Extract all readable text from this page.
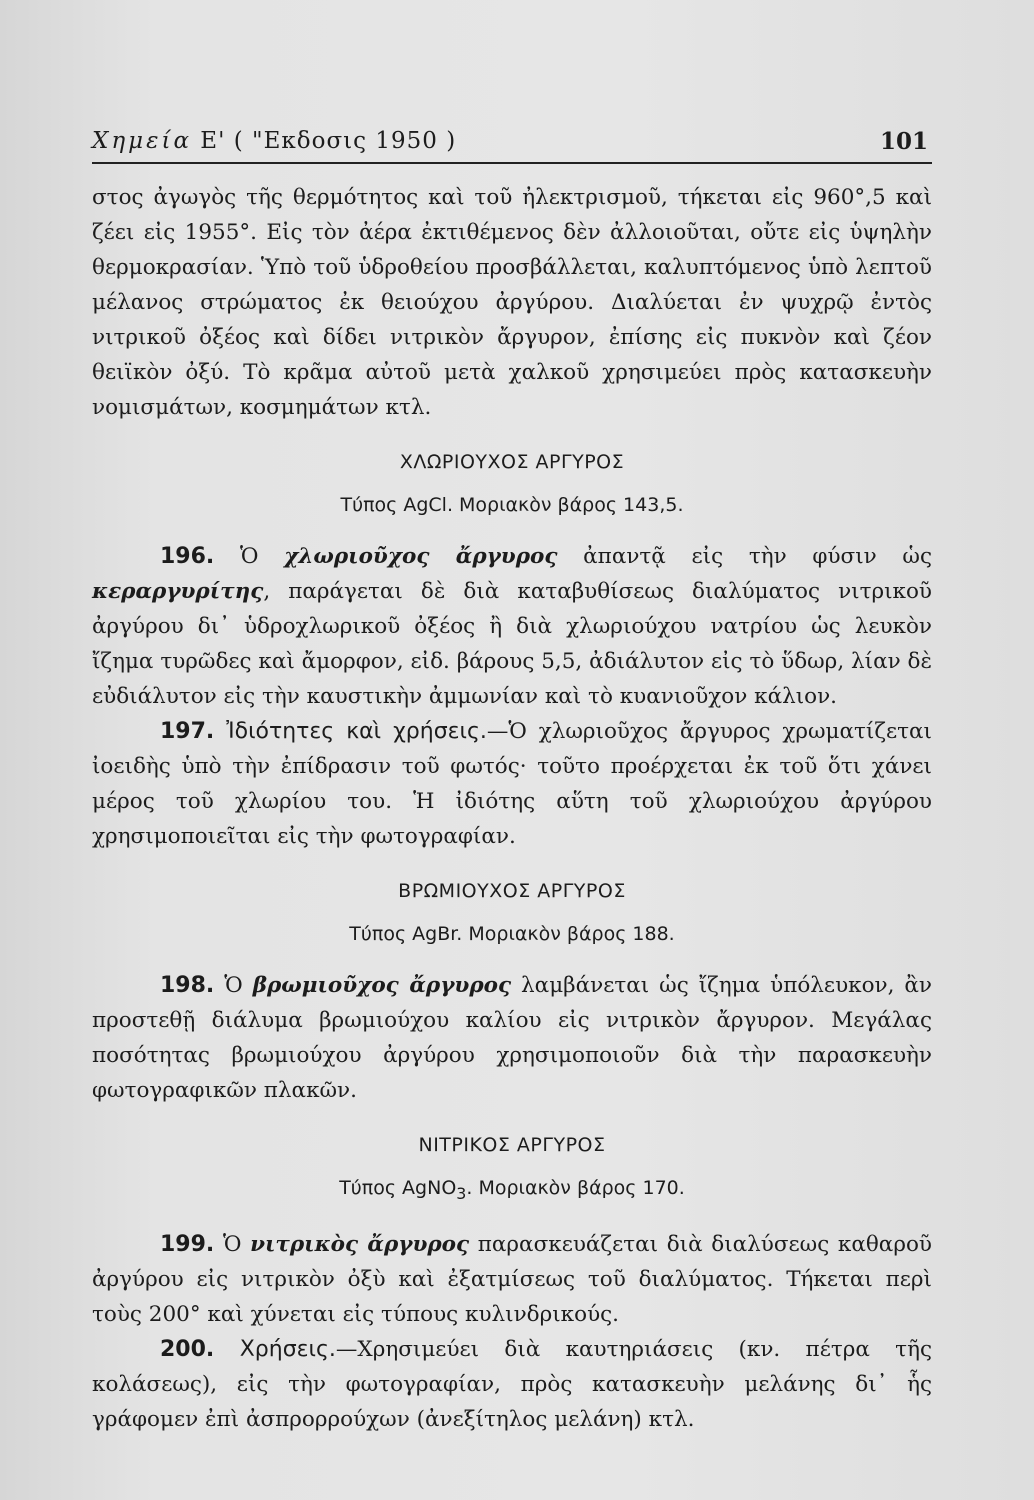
Χημεία Ε' ( "Εκδοσις 1950 )	101

στος ἀγωγὸς τῆς θερμότητος καὶ τοῦ ἠλεκτρισμοῦ, τήκεται εἰς 960°,5 καὶ ζέει εἰς 1955°. Εἰς τὸν ἀέρα ἐκτιθέμενος δὲν ἀλλοιοῦται, οὔτε εἰς ὑψηλὴν θερμοκρασίαν. Ὑπὸ τοῦ ὑδροθείου προσβάλλεται, καλυπτόμενος ὑπὸ λεπτοῦ μέλανος στρώματος ἐκ θειούχου ἀργύρου. Διαλύεται ἐν ψυχρῷ ἐντὸς νιτρικοῦ ὀξέος καὶ δίδει νιτρικὸν ἄργυρον, ἐπίσης εἰς πυκνὸν καὶ ζέον θειϊκὸν ὀξύ. Τὸ κρᾶμα αὐτοῦ μετὰ χαλκοῦ χρησιμεύει πρὸς κατασκευὴν νομισμάτων, κοσμημάτων κτλ.

ΧΛΩΡΙΟΥΧΟΣ ΑΡΓΥΡΟΣ
Τύπος AgCl. Μοριακὸν βάρος 143,5.

196. Ὁ χλωριοῦχος ἄργυρος ἀπαντᾷ εἰς τὴν φύσιν ὡς κεραργυρίτης, παράγεται δὲ διὰ καταβυθίσεως διαλύματος νιτρικοῦ ἀργύρου δι᾿ ὑδροχλωρικοῦ ὀξέος ἢ διὰ χλωριούχου νατρίου ὡς λευκὸν ἴζημα τυρῶδες καὶ ἄμορφον, εἰδ. βάρους 5,5, ἀδιάλυτον εἰς τὸ ὕδωρ, λίαν δὲ εὐδιάλυτον εἰς τὴν καυστικὴν ἀμμωνίαν καὶ τὸ κυανιοῦχον κάλιον.

197. Ἰδιότητες καὶ χρήσεις.—Ὁ χλωριοῦχος ἄργυρος χρωματίζεται ἰοειδὴς ὑπὸ τὴν ἐπίδρασιν τοῦ φωτός· τοῦτο προέρχεται ἐκ τοῦ ὅτι χάνει μέρος τοῦ χλωρίου του. Ἡ ἰδιότης αὕτη τοῦ χλωριούχου ἀργύρου χρησιμοποιεῖται εἰς τὴν φωτογραφίαν.

ΒΡΩΜΙΟΥΧΟΣ ΑΡΓΥΡΟΣ
Τύπος AgBr. Μοριακὸν βάρος 188.

198. Ὁ βρωμιοῦχος ἄργυρος λαμβάνεται ὡς ἴζημα ὑπόλευκον, ἂν προστεθῇ διάλυμα βρωμιούχου καλίου εἰς νιτρικὸν ἄργυρον. Μεγάλας ποσότητας βρωμιούχου ἀργύρου χρησιμοποιοῦν διὰ τὴν παρασκευὴν φωτογραφικῶν πλακῶν.

ΝΙΤΡΙΚΟΣ ΑΡΓΥΡΟΣ
Τύπος AgNO$_3$. Μοριακὸν βάρος 170.

199. Ὁ νιτρικὸς ἄργυρος παρασκευάζεται διὰ διαλύσεως καθαροῦ ἀργύρου εἰς νιτρικὸν ὀξὺ καὶ ἐξατμίσεως τοῦ διαλύματος. Τήκεται περὶ τοὺς 200° καὶ χύνεται εἰς τύπους κυλινδρικούς.

200. Χρήσεις.—Χρησιμεύει διὰ καυτηριάσεις (κν. πέτρα τῆς κολάσεως), εἰς τὴν φωτογραφίαν, πρὸς κατασκευὴν μελάνης δι᾿ ἧς γράφομεν ἐπὶ ἀσπρορρούχων (ἀνεξίτηλος μελάνη) κτλ.
